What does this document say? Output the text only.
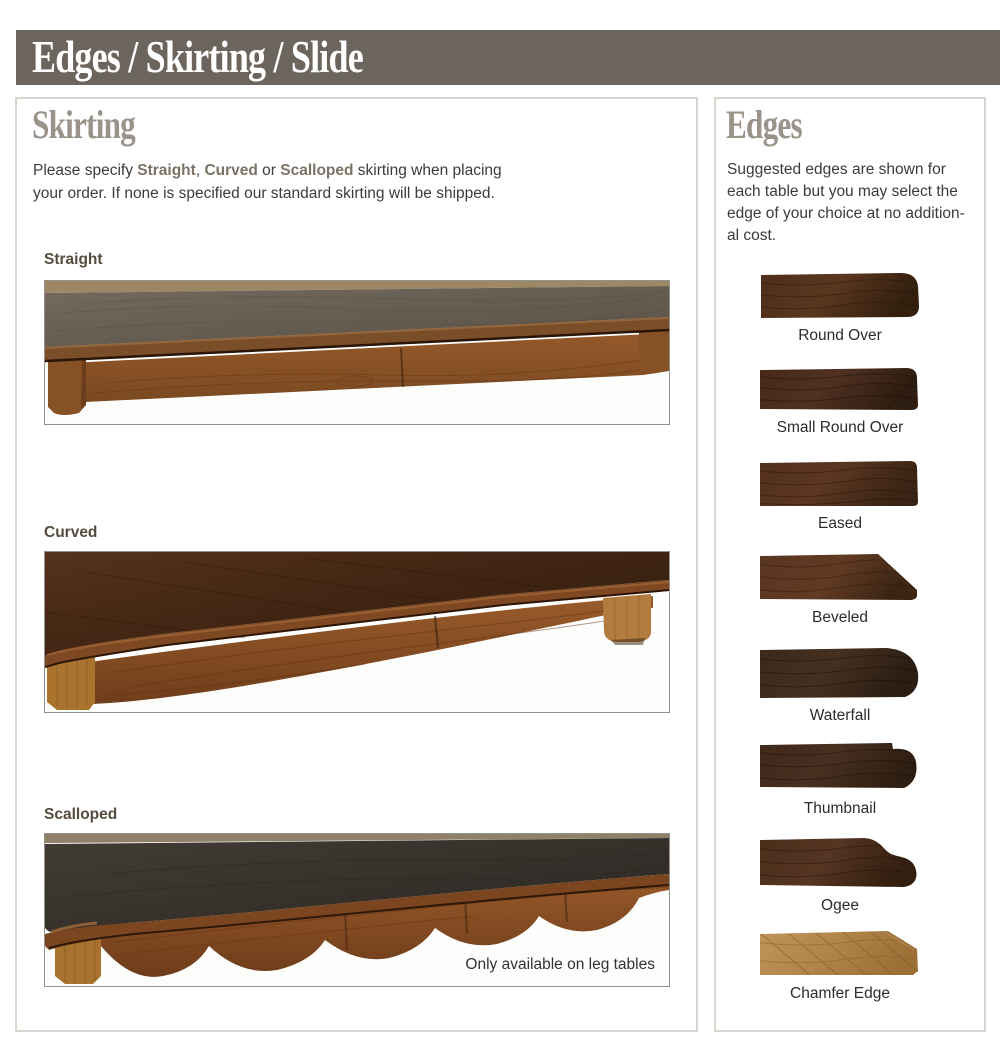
Edges / Skirting / Slide
Skirting
Please specify Straight, Curved or Scalloped skirting when placing
your order. If none is specified our standard skirting will be shipped.
Straight
Curved
Scalloped
Only available on leg tables
Edges
Suggested edges are shown for
each table but you may select the
edge of your choice at no addition-
al cost.
Round Over
Small Round Over
Eased
Beveled
Waterfall
Thumbnail
Ogee
Chamfer Edge
